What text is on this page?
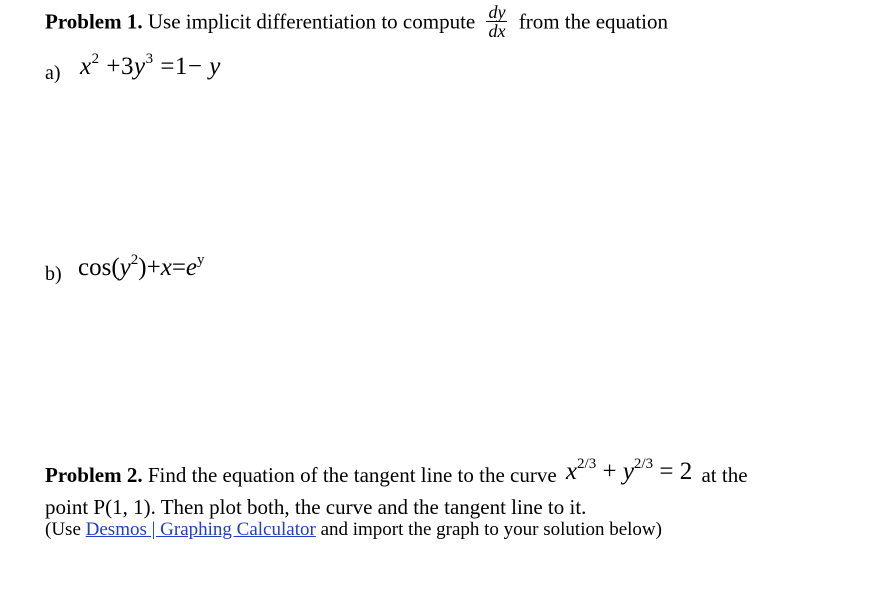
Problem 1. Use implicit differentiation to compute $\frac{dy}{dx}$ from the equation
a) $x^2 +3y^3 =1- y$
b) $\cos(y^2)+x=e^y$
Problem 2. Find the equation of the tangent line to the curve $x^{2/3} + y^{2/3} = 2$ at the
point P(1, 1). Then plot both, the curve and the tangent line to it.
(Use Desmos | Graphing Calculator and import the graph to your solution below)
